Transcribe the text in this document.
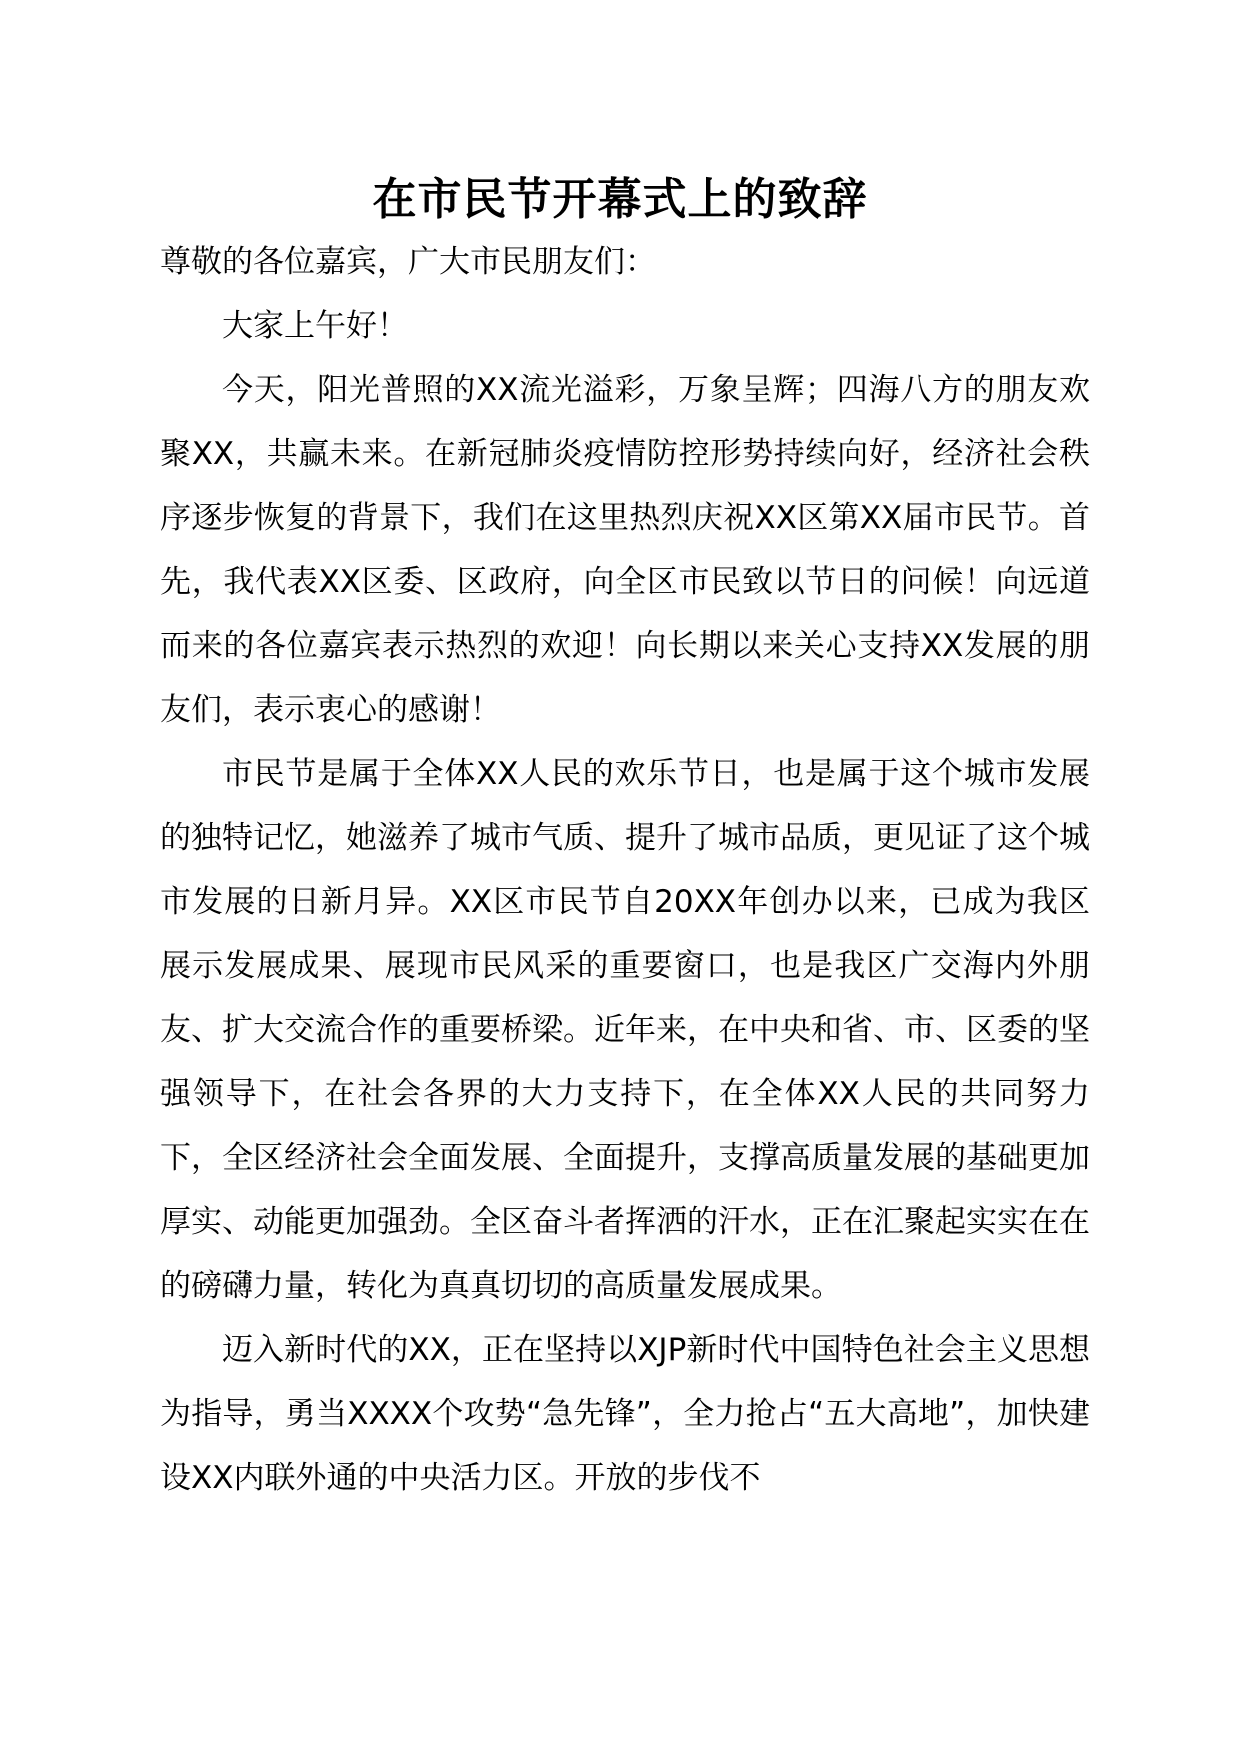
在市民节开幕式上的致辞

尊敬的各位嘉宾，广大市民朋友们：

大家上午好！

今天，阳光普照的XX流光溢彩，万象呈辉；四海八方的朋友欢聚XX，共赢未来。在新冠肺炎疫情防控形势持续向好，经济社会秩序逐步恢复的背景下，我们在这里热烈庆祝XX区第XX届市民节。首先，我代表XX区委、区政府，向全区市民致以节日的问候！向远道而来的各位嘉宾表示热烈的欢迎！向长期以来关心支持XX发展的朋友们，表示衷心的感谢！

市民节是属于全体XX人民的欢乐节日，也是属于这个城市发展的独特记忆，她滋养了城市气质、提升了城市品质，更见证了这个城市发展的日新月异。XX区市民节自20XX年创办以来，已成为我区展示发展成果、展现市民风采的重要窗口，也是我区广交海内外朋友、扩大交流合作的重要桥梁。近年来，在中央和省、市、区委的坚强领导下，在社会各界的大力支持下，在全体XX人民的共同努力下，全区经济社会全面发展、全面提升，支撑高质量发展的基础更加厚实、动能更加强劲。全区奋斗者挥洒的汗水，正在汇聚起实实在在的磅礴力量，转化为真真切切的高质量发展成果。

迈入新时代的XX，正在坚持以XJP新时代中国特色社会主义思想为指导，勇当XXXX个攻势“急先锋”，全力抢占“五大高地”，加快建设XX内联外通的中央活力区。开放的步伐不
